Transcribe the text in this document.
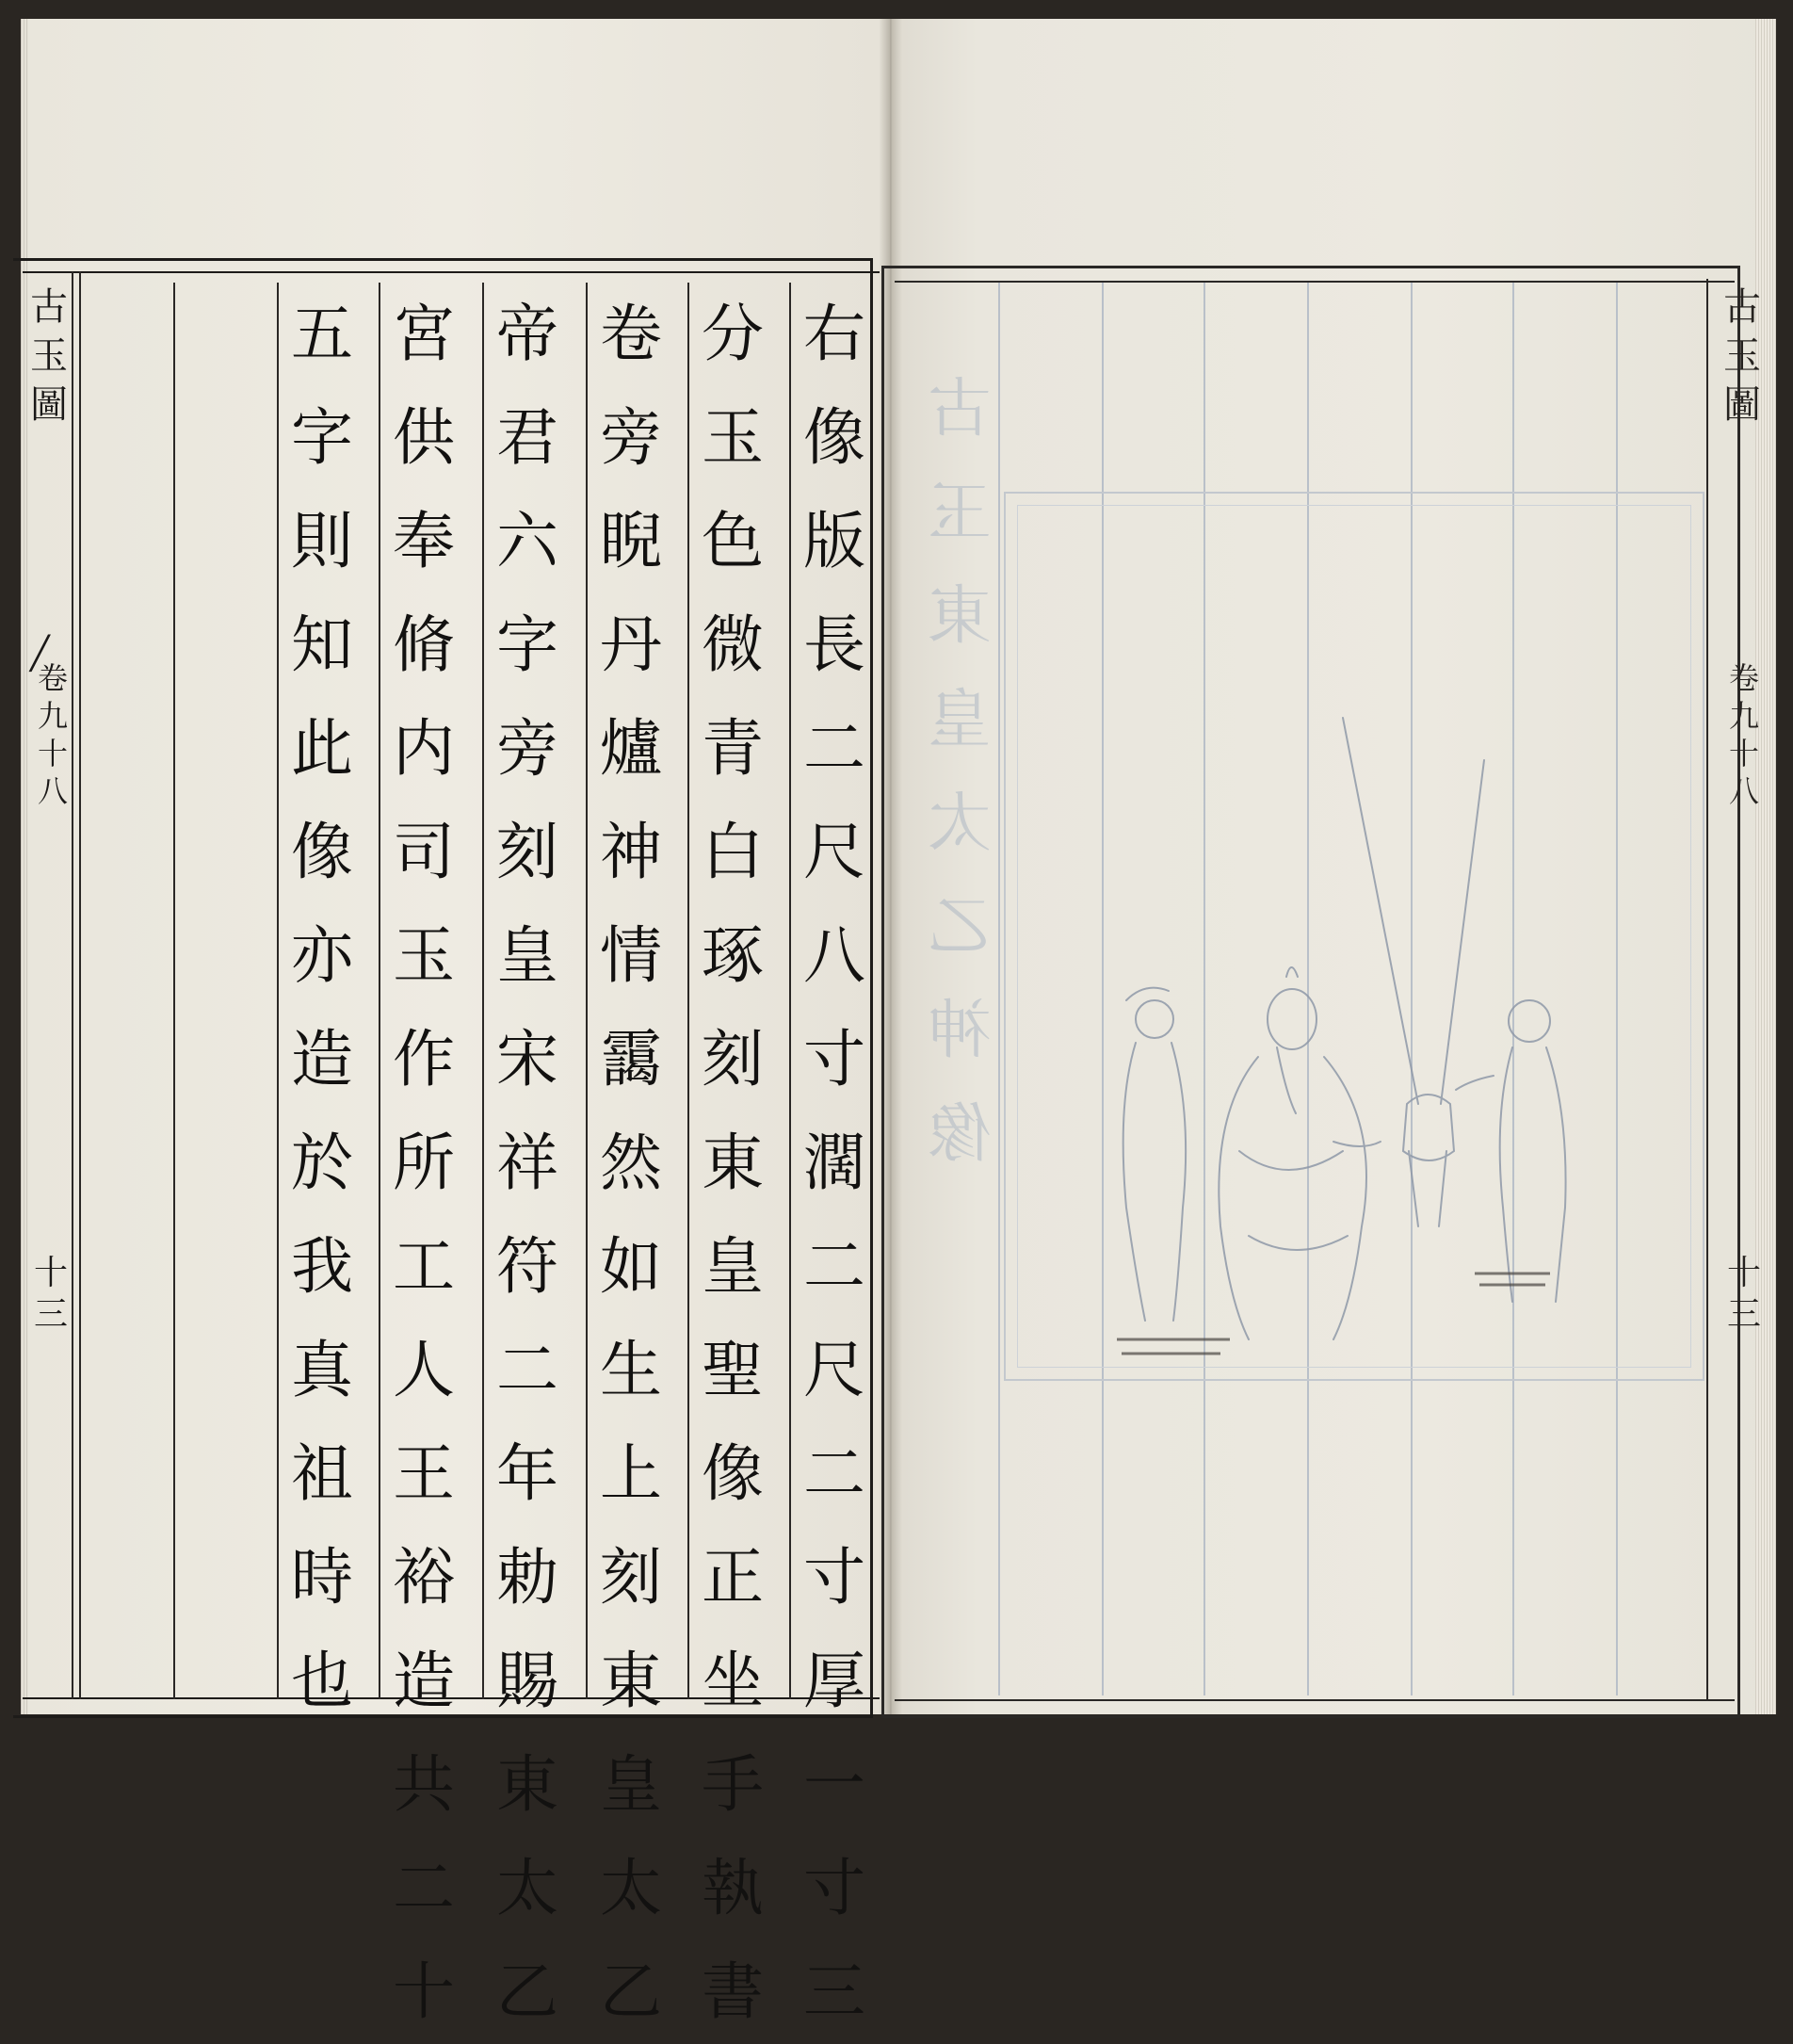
古
玉
圖
卷
九
十
八
十
三
╱
右
像
版
長
二
尺
八
寸
濶
二
尺
二
寸
厚
一
寸
三
分
玉
色
微
青
白
琢
刻
東
皇
聖
像
正
坐
手
執
書
卷
旁
睨
丹
爐
神
情
靄
然
如
生
上
刻
東
皇
太
乙
帝
君
六
字
旁
刻
皇
宋
祥
符
二
年
勅
賜
東
太
乙
宮
供
奉
脩
内
司
玉
作
所
工
人
王
裕
造
共
二
十
五
字
則
知
此
像
亦
造
於
我
真
祖
時
也
古
玉
圖
卷
九
十
八
十
三
古
玉
東
皇
太
乙
神
像
